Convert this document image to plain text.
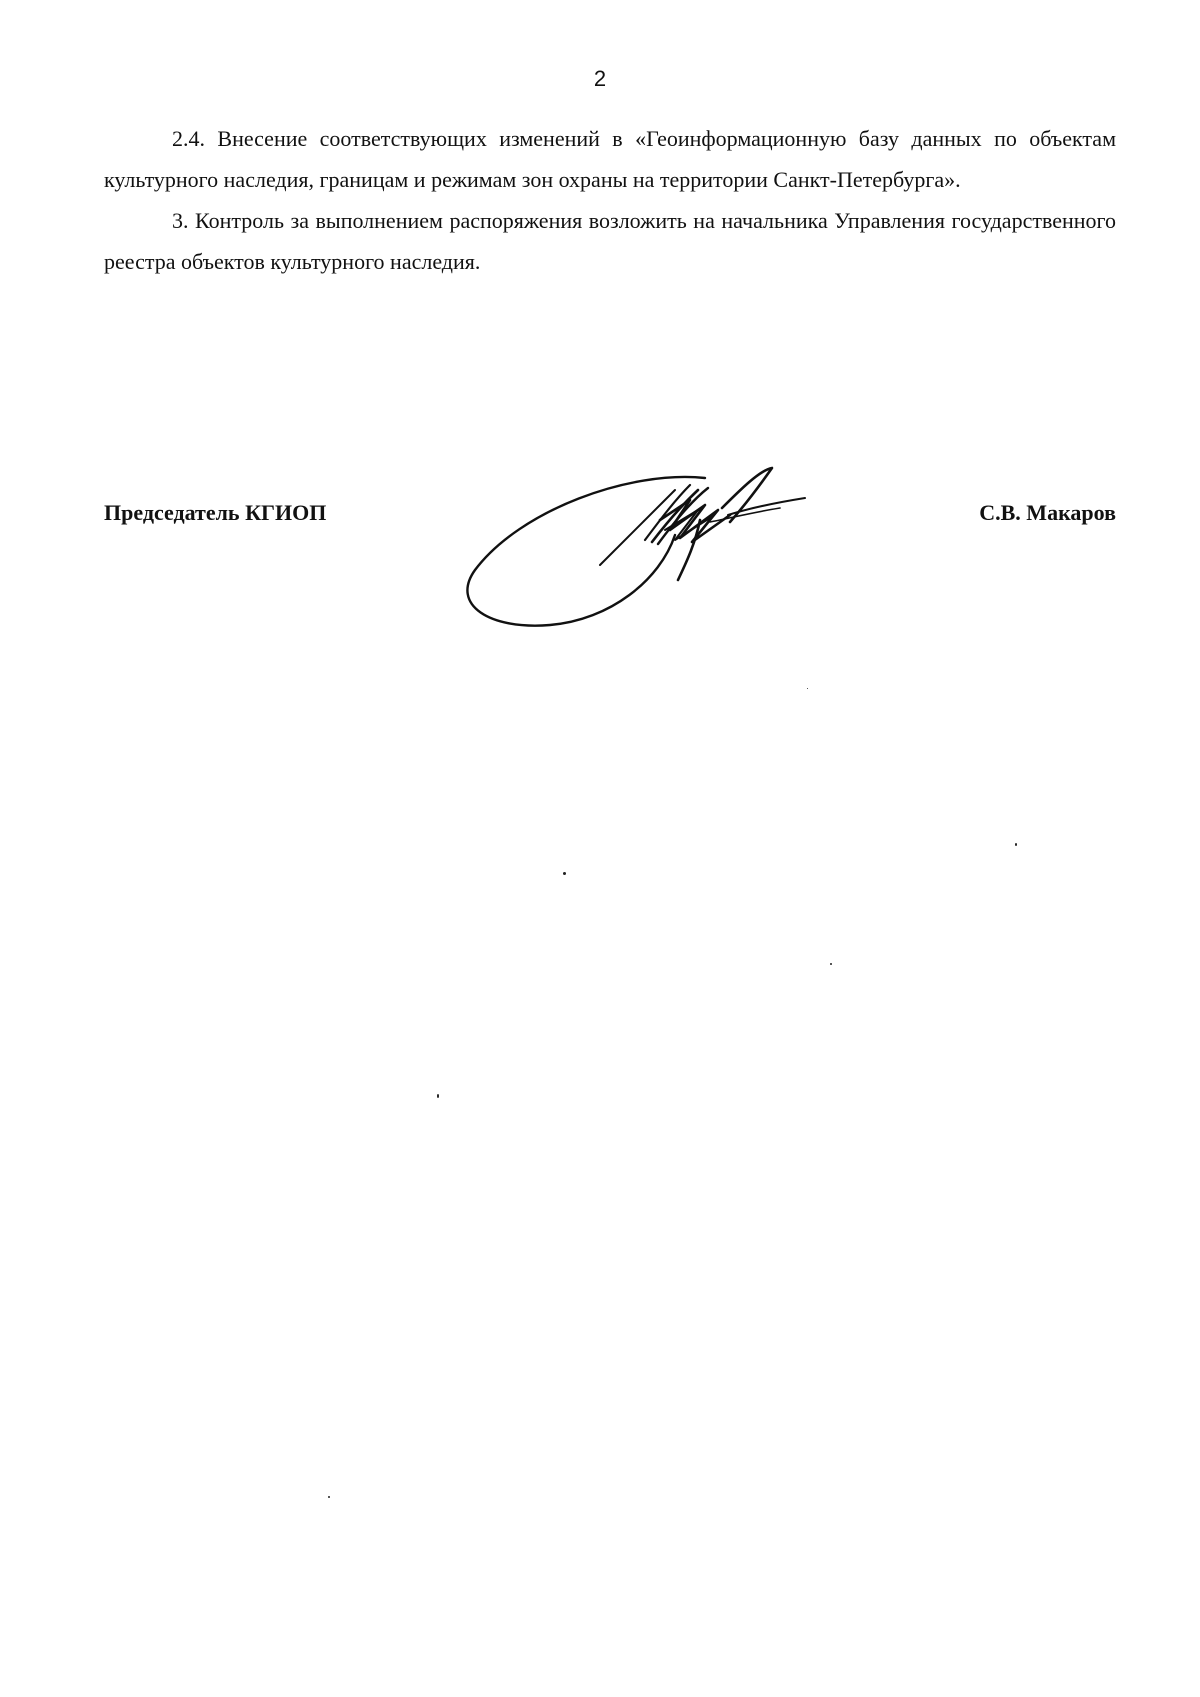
2

2.4. Внесение соответствующих изменений в «Геоинформационную базу данных по объектам культурного наследия, границам и режимам зон охраны на территории Санкт-Петербурга».

3. Контроль за выполнением распоряжения возложить на начальника Управления государственного реестра объектов культурного наследия.

Председатель КГИОП	С.В. Макаров
